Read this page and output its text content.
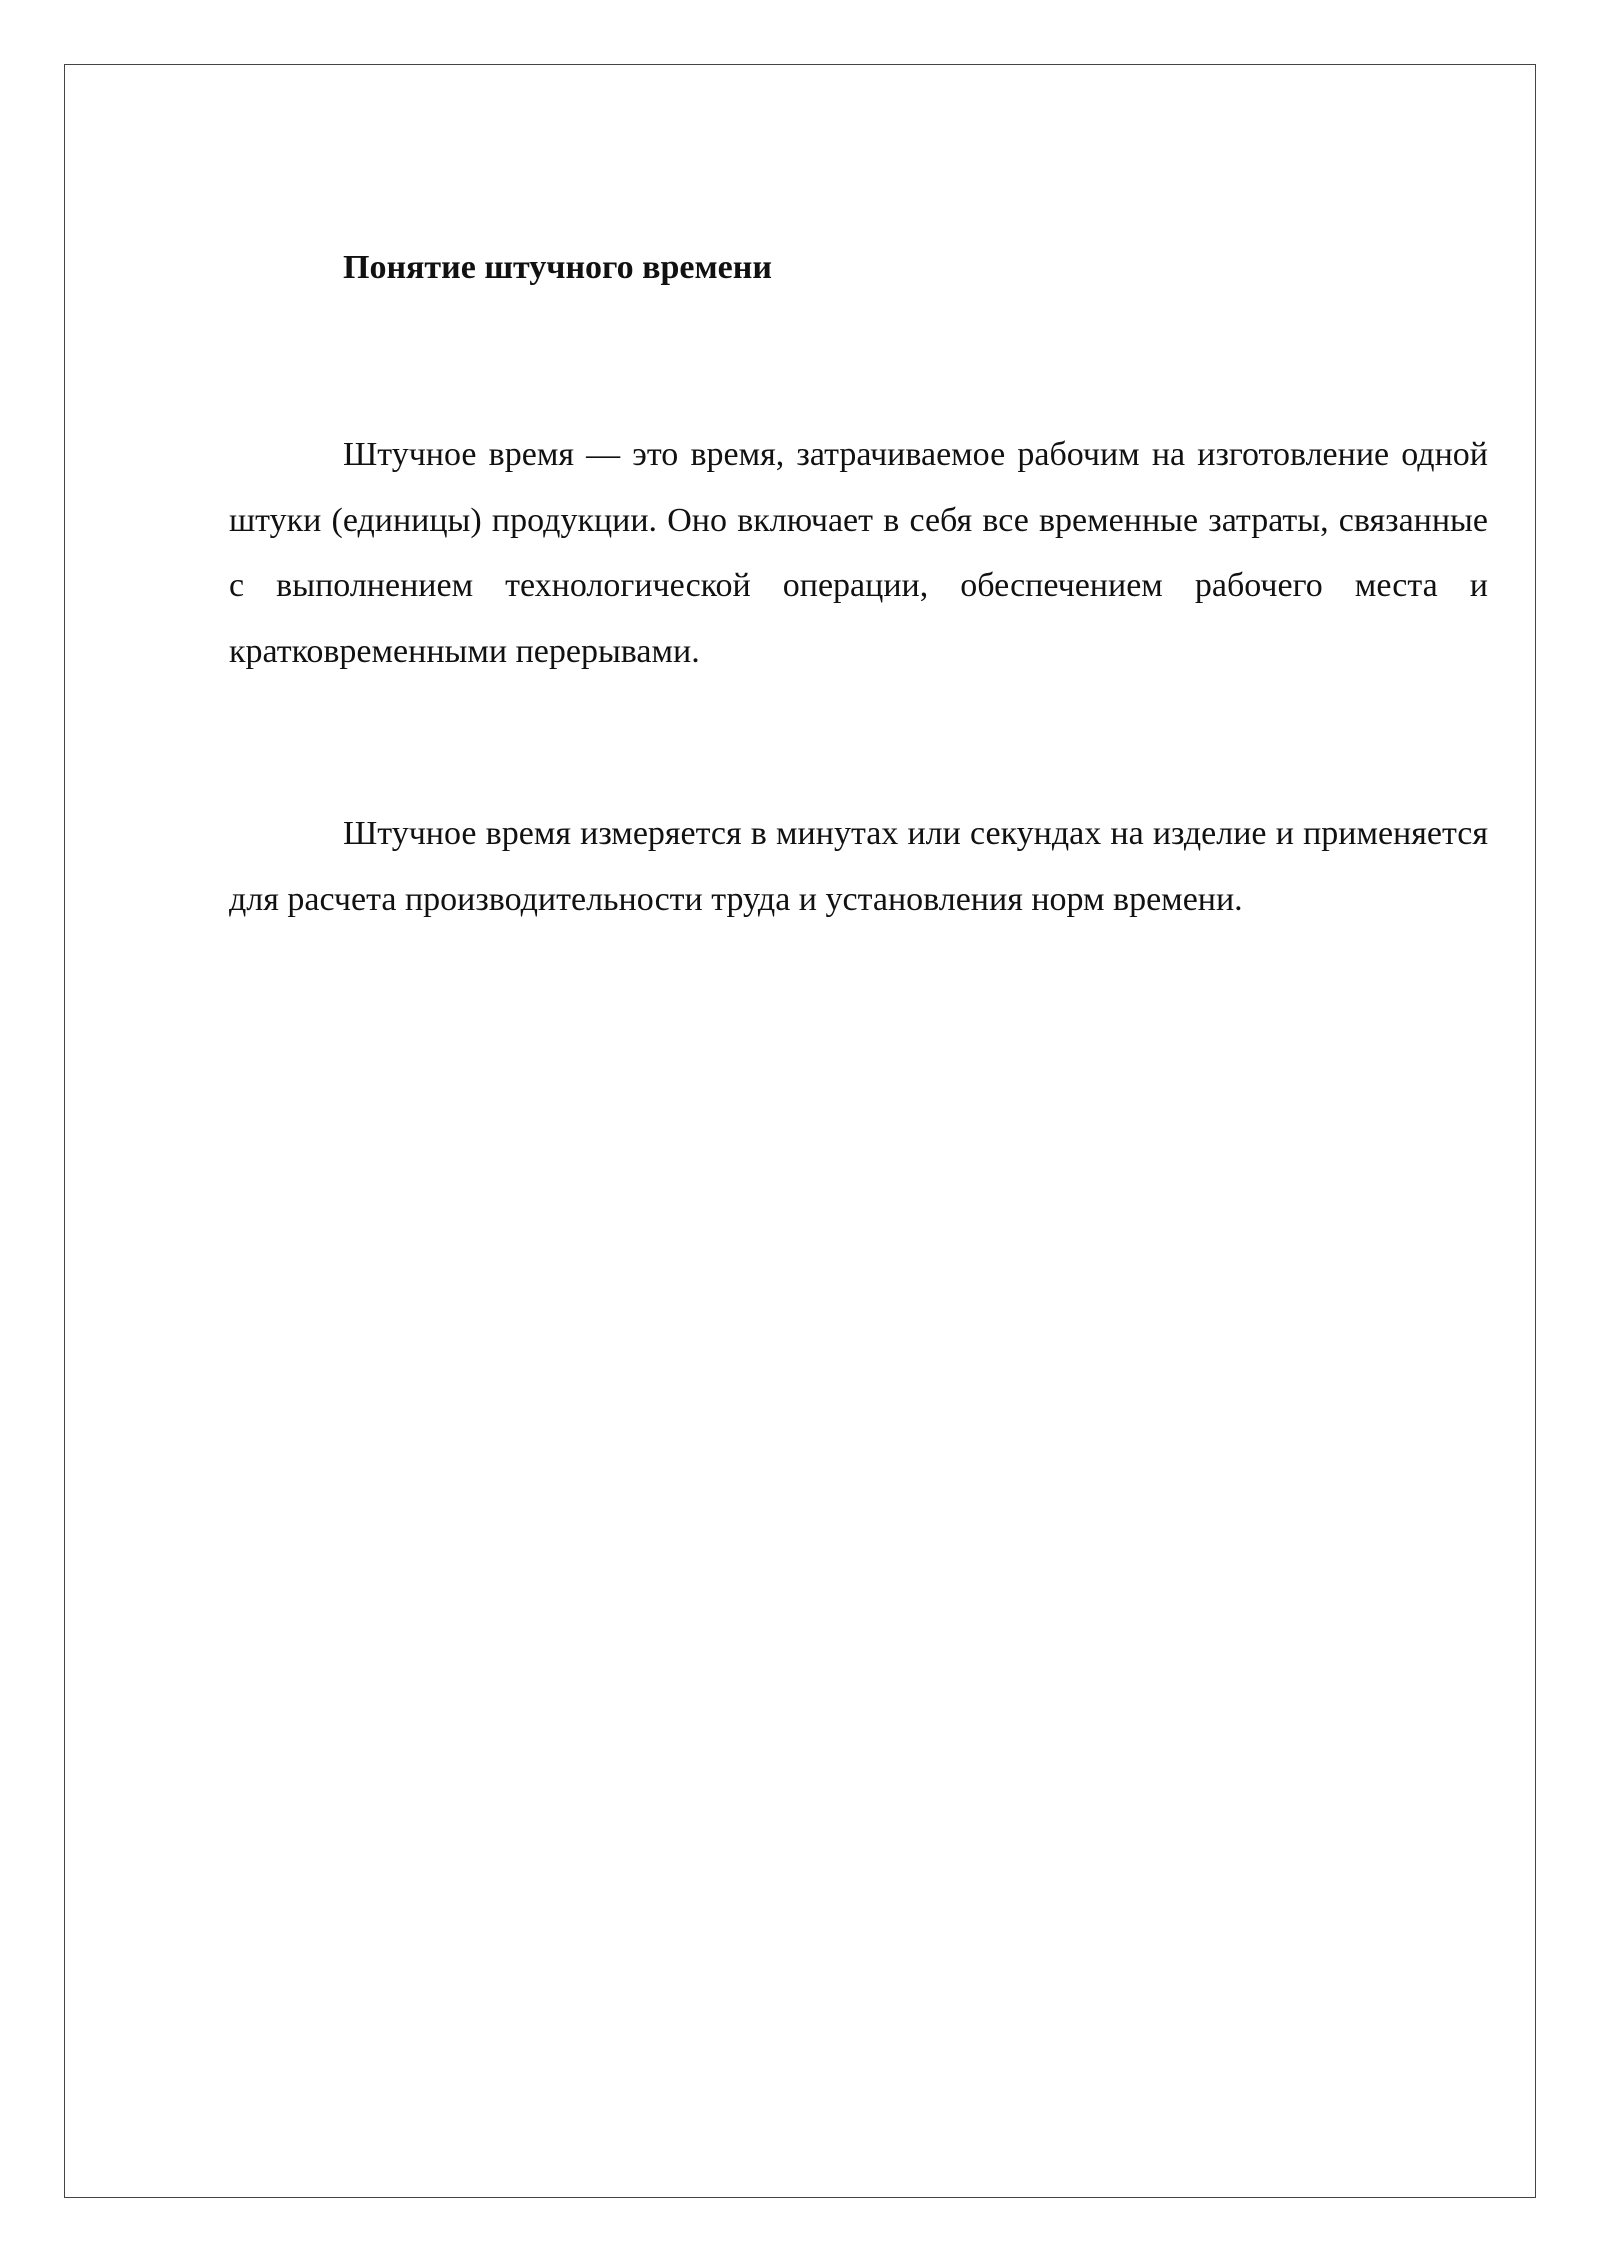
Понятие штучного времени

Штучное время — это время, затрачиваемое рабочим на изготовление одной штуки (единицы) продукции. Оно включает в себя все временные затраты, связанные с выполнением технологической операции, обеспечением рабочего места и кратковременными перерывами.

Штучное время измеряется в минутах или секундах на изделие и применяется для расчета производительности труда и установления норм времени.
